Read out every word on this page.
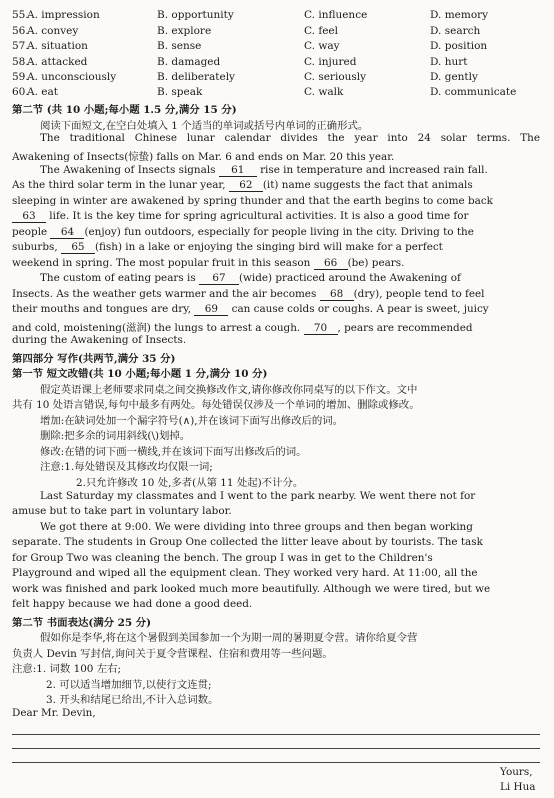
55.
A. impression	B. opportunity	C. influence	D. memory
56.
A. convey	B. explore	C. feel	D. search
57.
A. situation	B. sense	C. way	D. position
58.
A. attacked	B. damaged	C. injured	D. hurt
59.
A. unconsciously	B. deliberately	C. seriously	D. gently
60.
A. eat	B. speak	C. walk	D. communicate
第二节 (共 10 小题;每小题 1.5 分,满分 15 分)
阅读下面短文,在空白处填入 1 个适当的单词或括号内单词的正确形式。
The traditional Chinese lunar calendar divides the year into 24 solar terms. The
Awakening of Insects(惊蛰) falls on Mar. 6 and ends on Mar. 20 this year.
The Awakening of Insects signals 61 rise in temperature and increased rain fall.
As the third solar term in the lunar year, 62 (it) name suggests the fact that animals
sleeping in winter are awakened by spring thunder and that the earth begins to come back
63 life. It is the key time for spring agricultural activities. It is also a good time for
people 64 (enjoy) fun outdoors, especially for people living in the city. Driving to the
suburbs, 65 (fish) in a lake or enjoying the singing bird will make for a perfect
weekend in spring. The most popular fruit in this season 66 (be) pears.
The custom of eating pears is 67 (wide) practiced around the Awakening of
Insects. As the weather gets warmer and the air becomes 68 (dry), people tend to feel
their mouths and tongues are dry, 69 can cause colds or coughs. A pear is sweet, juicy
and cold, moistening(滋润) the lungs to arrest a cough. 70 , pears are recommended
during the Awakening of Insects.
第四部分 写作(共两节,满分 35 分)
第一节 短文改错(共 10 小题;每小题 1 分,满分 10 分)
假定英语课上老师要求同桌之间交换修改作文,请你修改你同桌写的以下作文。文中
共有 10 处语言错误,每句中最多有两处。每处错误仅涉及一个单词的增加、删除或修改。
增加:在缺词处加一个漏字符号(∧),并在该词下面写出修改后的词。
删除:把多余的词用斜线(\)划掉。
修改:在错的词下画一横线,并在该词下面写出修改后的词。
注意:1.每处错误及其修改均仅限一词;
2.只允许修改 10 处,多者(从第 11 处起)不计分。
Last Saturday my classmates and I went to the park nearby. We went there not for
amuse but to take part in voluntary labor.
We got there at 9:00. We were dividing into three groups and then began working
separate. The students in Group One collected the litter leave about by tourists. The task
for Group Two was cleaning the bench. The group I was in get to the Children's
Playground and wiped all the equipment clean. They worked very hard. At 11:00, all the
work was finished and park looked much more beautifully. Although we were tired, but we
felt happy because we had done a good deed.
第二节 书面表达(满分 25 分)
假如你是李华,将在这个暑假到美国参加一个为期一周的暑期夏令营。请你给夏令营
负责人 Devin 写封信,询问关于夏令营课程、住宿和费用等一些问题。
注意:1. 词数 100 左右;
2. 可以适当增加细节,以使行文连贯;
3. 开头和结尾已给出,不计入总词数。
Dear Mr. Devin,
Yours,
Li Hua
